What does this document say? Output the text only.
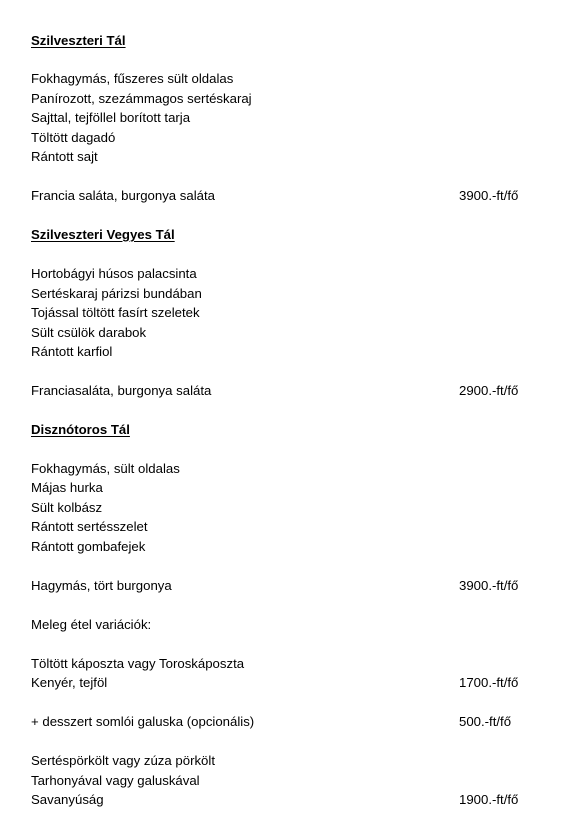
Szilveszteri Tál
Fokhagymás, fűszeres sült oldalas
Panírozott, szezámmagos sertéskaraj
Sajttal, tejföllel borított tarja
Töltött dagadó
Rántott sajt
Francia saláta, burgonya saláta	3900.-ft/fő
Szilveszteri Vegyes Tál
Hortobágyi húsos palacsinta
Sertéskaraj párizsi bundában
Tojással töltött fasírt szeletek
Sült csülök darabok
Rántott karfiol
Franciasaláta, burgonya saláta	2900.-ft/fő
Disznótoros Tál
Fokhagymás, sült oldalas
Májas hurka
Sült kolbász
Rántott sertésszelet
Rántott gombafejek
Hagymás, tört burgonya	3900.-ft/fő
Meleg étel variációk:
Töltött káposzta vagy Toroskáposzta
Kenyér, tejföl	1700.-ft/fő
+ desszert somlói galuska (opcionális)	500.-ft/fő
Sertéspörkölt vagy zúza pörkölt
Tarhonyával vagy galuskával
Savanyúság	1900.-ft/fő
